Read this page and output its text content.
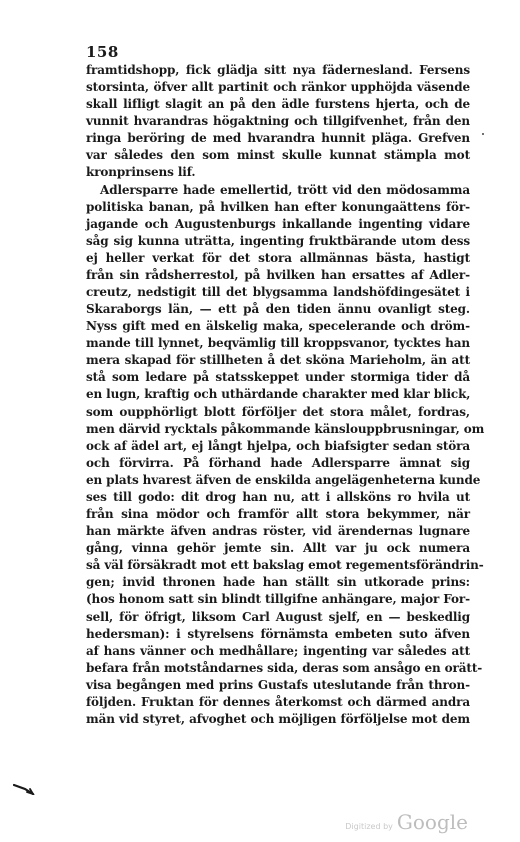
158
framtidshopp, fick glädja sitt nya fädernesland. Fersens
storsinta, öfver allt partinit och ränkor upphöjda väsende
skall lifligt slagit an på den ädle furstens hjerta, och de
vunnit hvarandras högaktning och tillgifvenhet, från den
ringa beröring de med hvarandra hunnit pläga. Grefven
var således den som minst skulle kunnat stämpla mot
kronprinsens lif.
Adlersparre hade emellertid, trött vid den mödosamma
politiska banan, på hvilken han efter konungaättens för-
jagande och Augustenburgs inkallande ingenting vidare
såg sig kunna uträtta, ingenting fruktbärande utom dess
ej heller verkat för det stora allmännas bästa, hastigt
från sin rådsherrestol, på hvilken han ersattes af Adler-
creutz, nedstigit till det blygsamma landshöfdingesätet i
Skaraborgs län, — ett på den tiden ännu ovanligt steg.
Nyss gift med en älskelig maka, specelerande och dröm-
mande till lynnet, beqvämlig till kroppsvanor, tycktes han
mera skapad för stillheten å det sköna Marieholm, än att
stå som ledare på statsskeppet under stormiga tider då
en lugn, kraftig och uthärdande charakter med klar blick,
som oupphörligt blott förföljer det stora målet, fordras,
men därvid rycktals påkommande känslouppbrusningar, om
ock af ädel art, ej långt hjelpa, och biafsigter sedan störa
och förvirra. På förhand hade Adlersparre ämnat sig
en plats hvarest äfven de enskilda angelägenheterna kunde
ses till godo: dit drog han nu, att i allsköns ro hvila ut
från sina mödor och framför allt stora bekymmer, när
han märkte äfven andras röster, vid ärendernas lugnare
gång, vinna gehör jemte sin. Allt var ju ock numera
så väl försäkradt mot ett bakslag emot regementsförändrin-
gen; invid thronen hade han ställt sin utkorade prins:
(hos honom satt sin blindt tillgifne anhängare, major For-
sell, för öfrigt, liksom Carl August sjelf, en — beskedlig
hedersman): i styrelsens förnämsta embeten suto äfven
af hans vänner och medhållare; ingenting var således att
befara från motståndarnes sida, deras som ansågo en orätt-
visa begången med prins Gustafs uteslutande från thron-
följden. Fruktan för dennes återkomst och därmed andra
män vid styret, afvoghet och möjligen förföljelse mot dem
Digitized by Google
